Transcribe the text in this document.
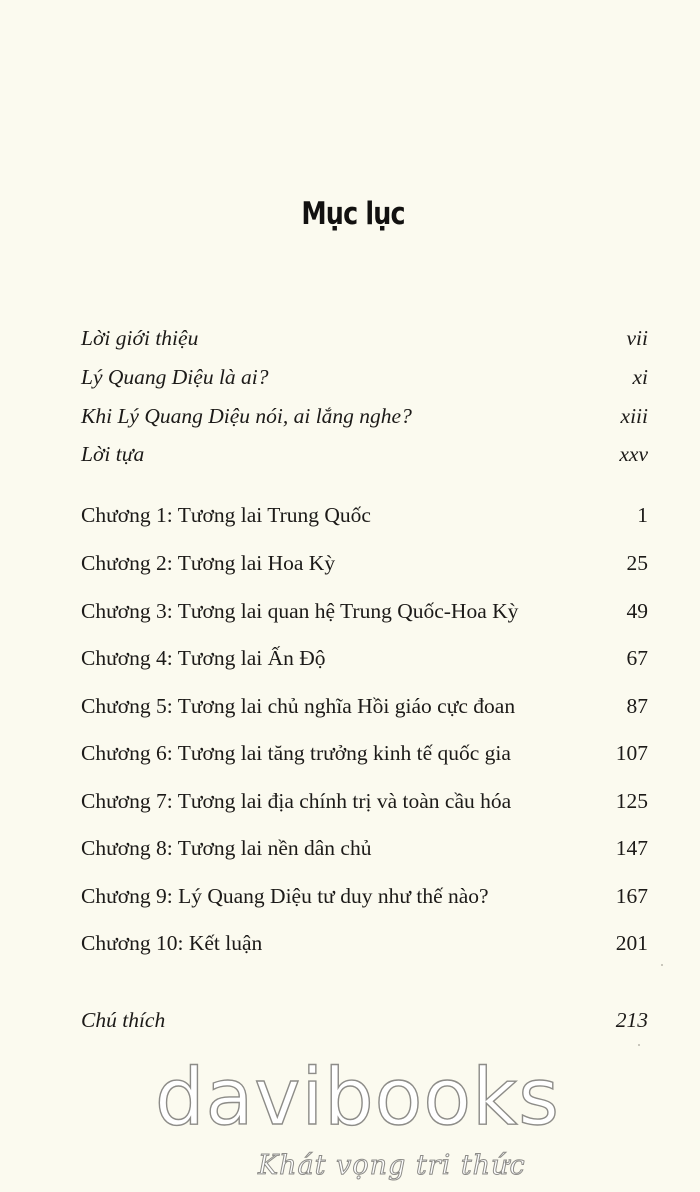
Mục lục
Lời giới thiệu	vii
Lý Quang Diệu là ai?	xi
Khi Lý Quang Diệu nói, ai lắng nghe?	xiii
Lời tựa	xxv
Chương 1: Tương lai Trung Quốc	1
Chương 2: Tương lai Hoa Kỳ	25
Chương 3: Tương lai quan hệ Trung Quốc-Hoa Kỳ	49
Chương 4: Tương lai Ấn Độ	67
Chương 5: Tương lai chủ nghĩa Hồi giáo cực đoan	87
Chương 6: Tương lai tăng trưởng kinh tế quốc gia	107
Chương 7: Tương lai địa chính trị và toàn cầu hóa	125
Chương 8: Tương lai nền dân chủ	147
Chương 9: Lý Quang Diệu tư duy như thế nào?	167
Chương 10: Kết luận	201
Chú thích	213
davibooks
Khát vọng tri thức
